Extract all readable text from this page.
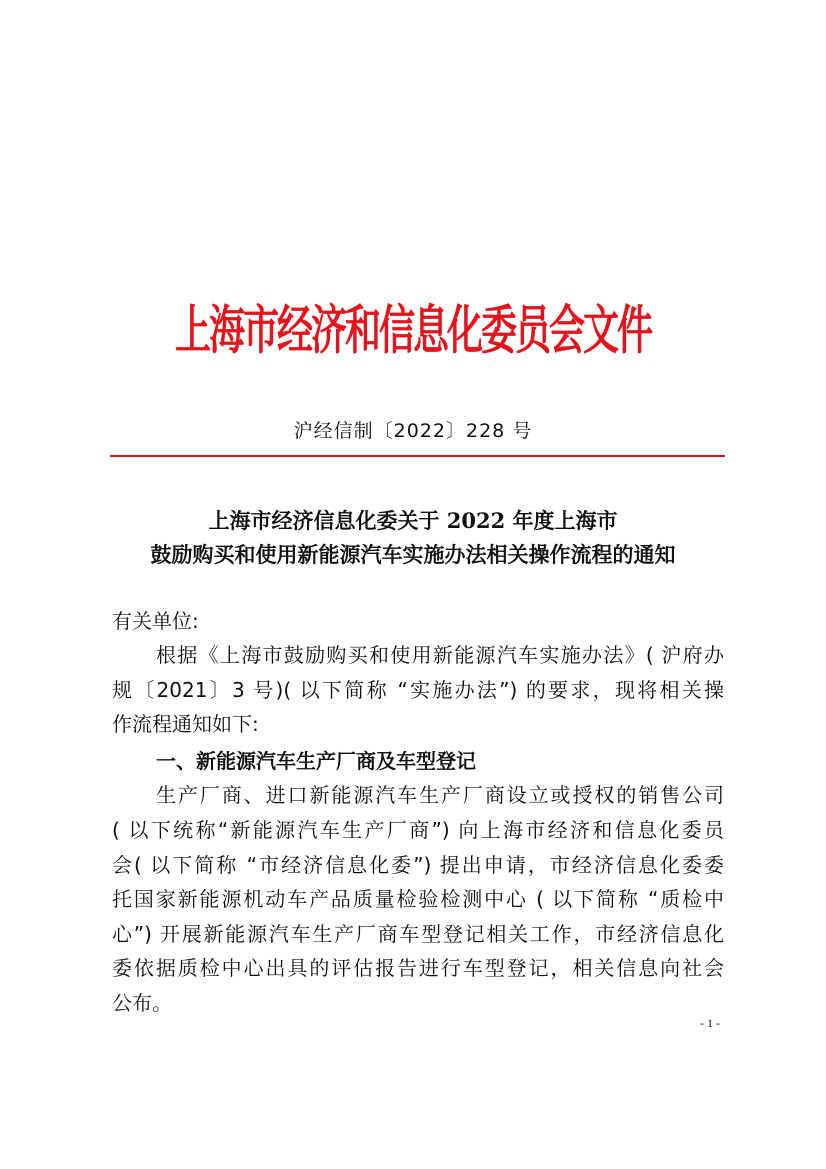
上海市经济和信息化委员会文件
沪经信制〔2022〕228 号
上海市经济信息化委关于 2022 年度上海市
鼓励购买和使用新能源汽车实施办法相关操作流程的通知
有关单位:
根据《上海市鼓励购买和使用新能源汽车实施办法》( 沪府办
规〔2021〕3 号)( 以下简称 “实施办法”) 的要求，现将相关操
作流程通知如下:
一、新能源汽车生产厂商及车型登记
生产厂商、进口新能源汽车生产厂商设立或授权的销售公司
( 以下统称“新能源汽车生产厂商”) 向上海市经济和信息化委员
会( 以下简称 “市经济信息化委”) 提出申请，市经济信息化委委
托国家新能源机动车产品质量检验检测中心 ( 以下简称 “质检中
心”) 开展新能源汽车生产厂商车型登记相关工作，市经济信息化
委依据质检中心出具的评估报告进行车型登记，相关信息向社会
公布。
- 1 -
